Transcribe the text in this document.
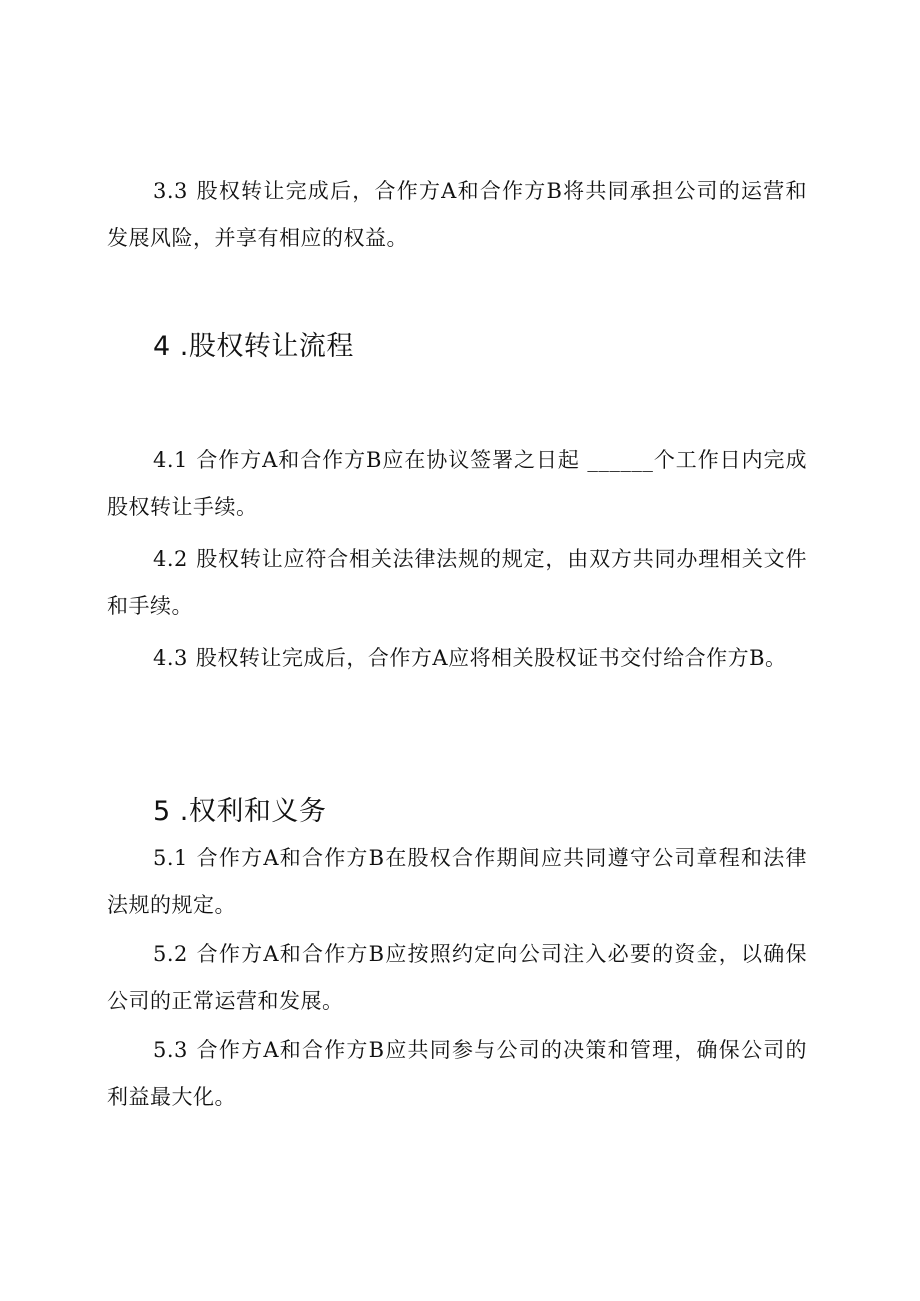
3.3 股权转让完成后，合作方A和合作方B将共同承担公司的运营和发展风险，并享有相应的权益。

4 .股权转让流程

4.1 合作方A和合作方B应在协议签署之日起 ______个工作日内完成股权转让手续。

4.2 股权转让应符合相关法律法规的规定，由双方共同办理相关文件和手续。

4.3 股权转让完成后，合作方A应将相关股权证书交付给合作方B。

5 .权利和义务

5.1 合作方A和合作方B在股权合作期间应共同遵守公司章程和法律法规的规定。

5.2 合作方A和合作方B应按照约定向公司注入必要的资金，以确保公司的正常运营和发展。

5.3 合作方A和合作方B应共同参与公司的决策和管理，确保公司的利益最大化。
